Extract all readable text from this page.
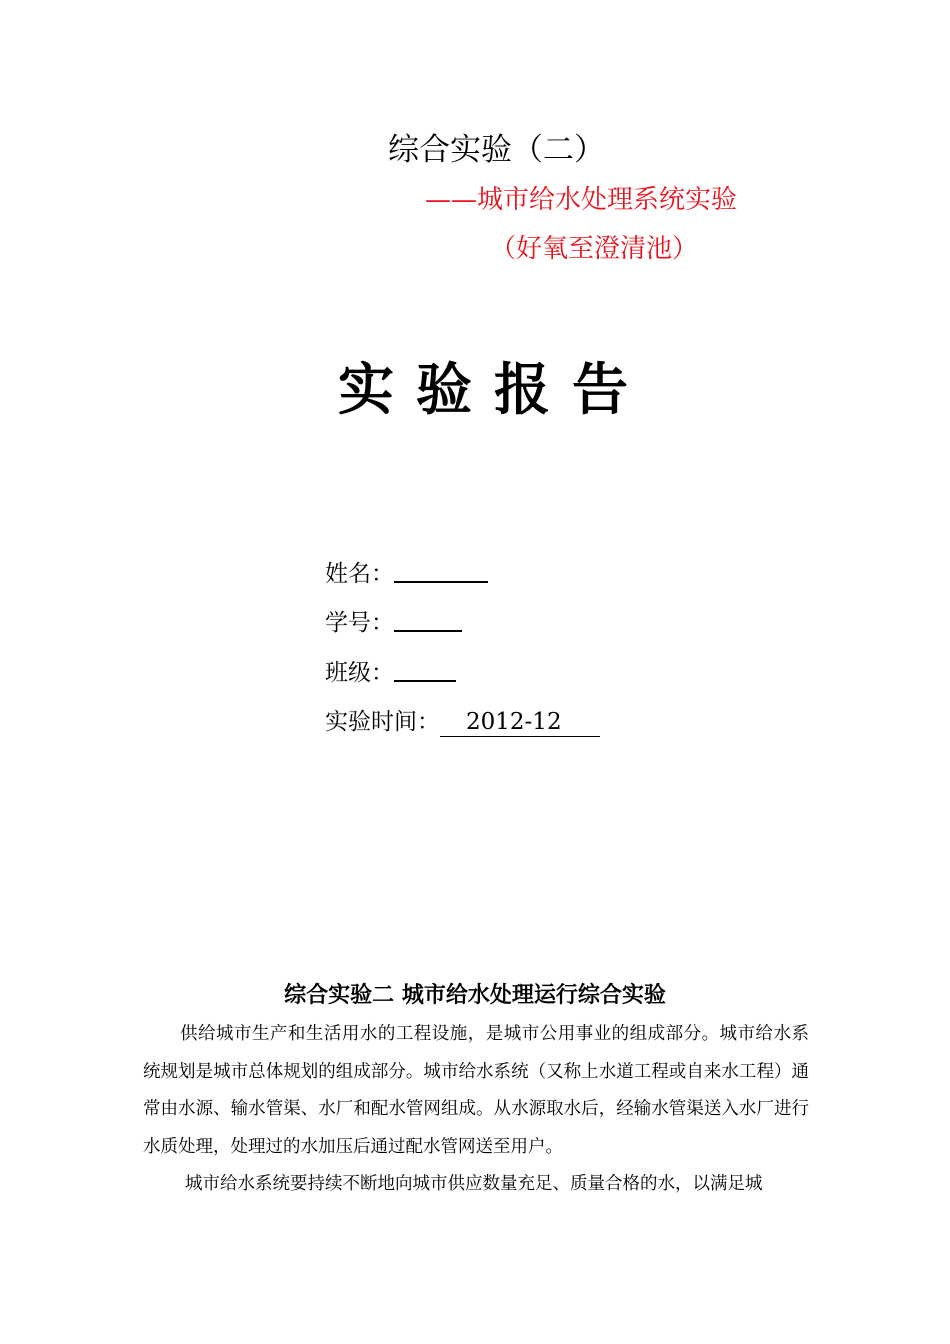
综合实验（二）
——城市给水处理系统实验
（好氧至澄清池）
实验报告
姓名：
学号：
班级：
实验时间： 2012-12
综合实验二 城市给水处理运行综合实验

供给城市生产和生活用水的工程设施，是城市公用事业的组成部分。城市给水系统规划是城市总体规划的组成部分。城市给水系统（又称上水道工程或自来水工程）通常由水源、输水管渠、水厂和配水管网组成。从水源取水后，经输水管渠送入水厂进行水质处理，处理过的水加压后通过配水管网送至用户。

城市给水系统要持续不断地向城市供应数量充足、质量合格的水，以满足城
